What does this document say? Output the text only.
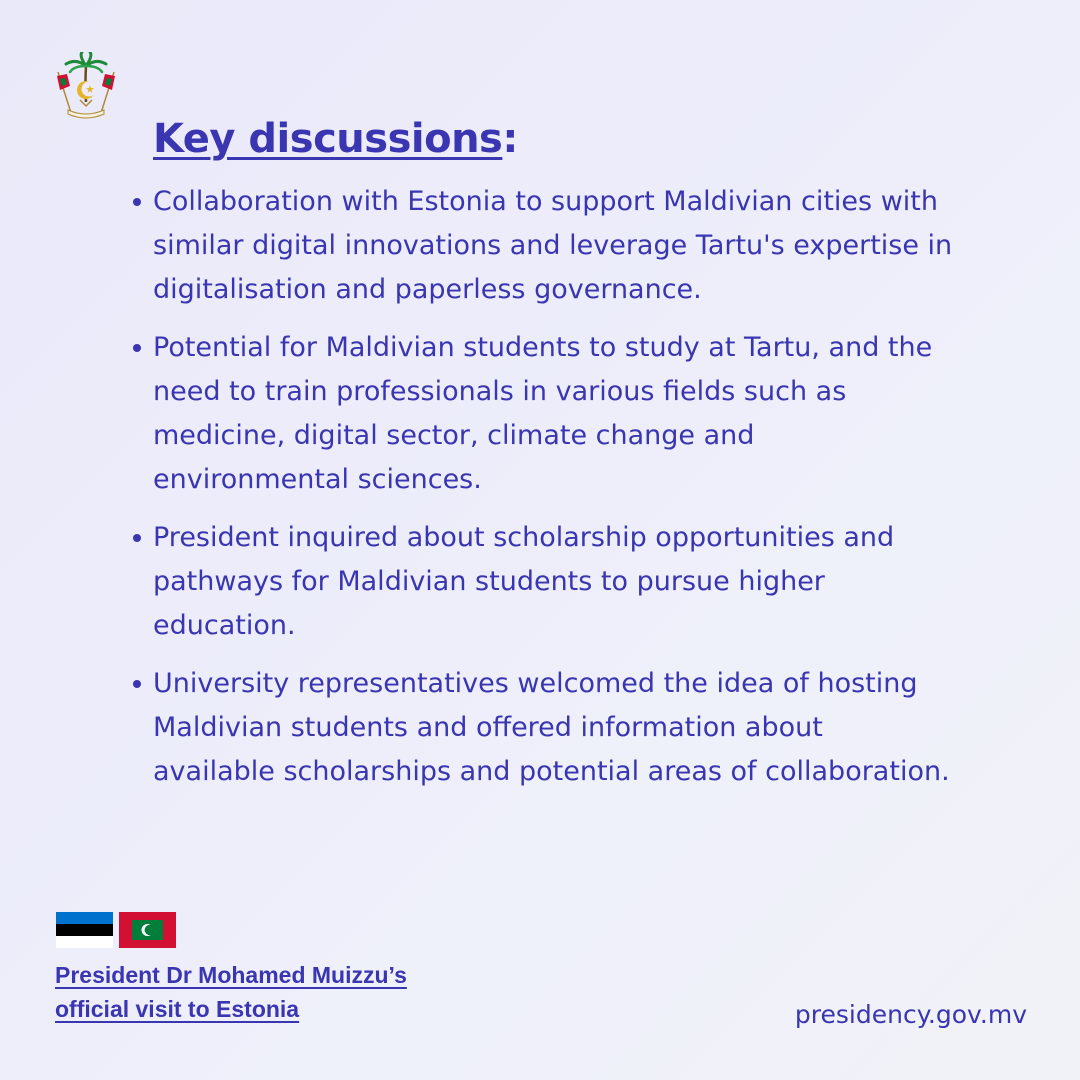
Key discussions:
Collaboration with Estonia to support Maldivian cities with similar digital innovations and leverage Tartu's expertise in digitalisation and paperless governance.
Potential for Maldivian students to study at Tartu, and the need to train professionals in various fields such as medicine, digital sector, climate change and environmental sciences.
President inquired about scholarship opportunities and pathways for Maldivian students to pursue higher education.
University representatives welcomed the idea of hosting Maldivian students and offered information about available scholarships and potential areas of collaboration.

President Dr Mohamed Muizzu’s
official visit to Estonia	presidency.gov.mv
